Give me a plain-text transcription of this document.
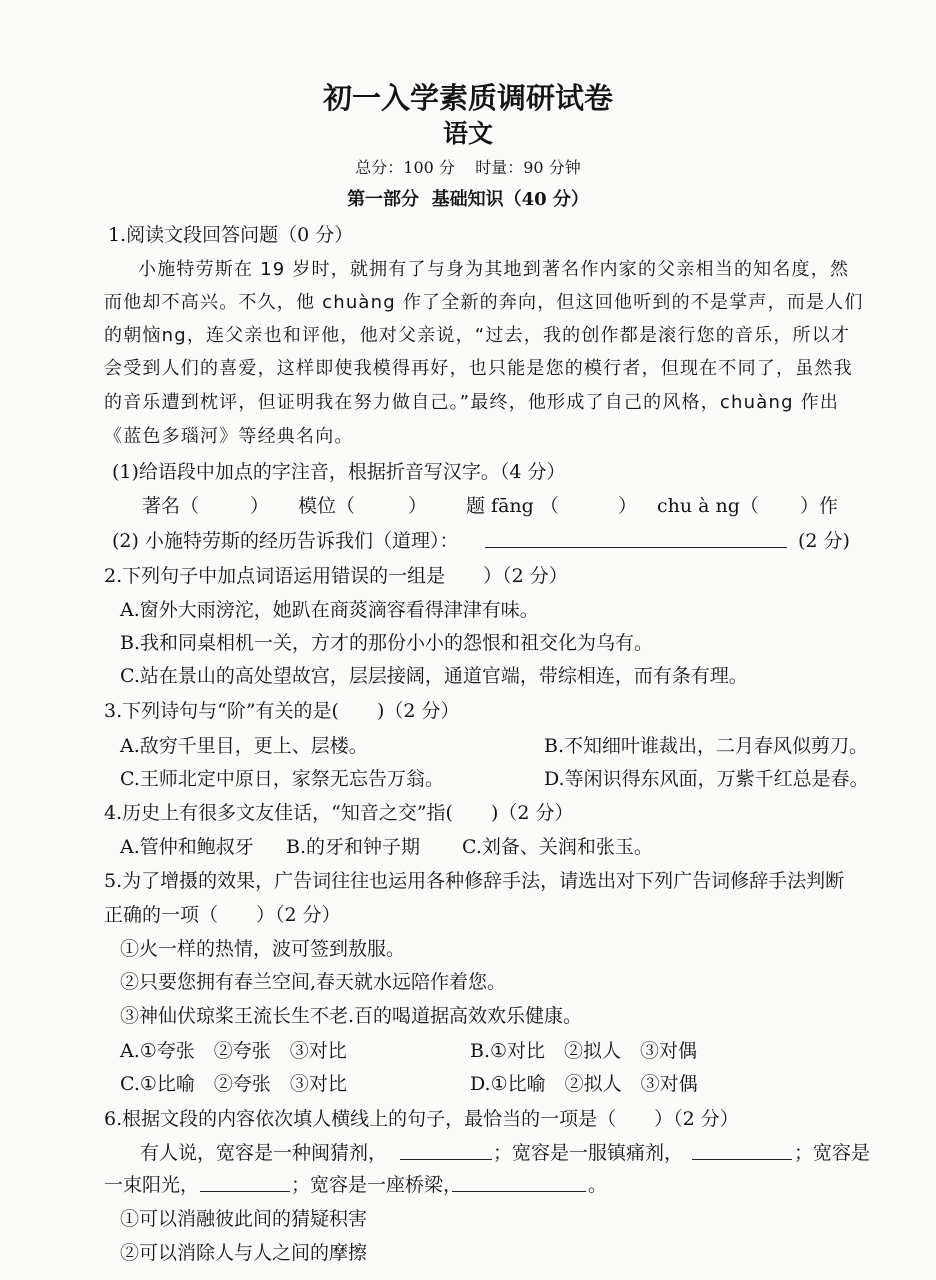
初一入学素质调研试卷
语文
总分：100 分    时量：90 分钟
第一部分  基础知识（40 分）
1.阅读文段回答问题（0 分）
小施特劳斯在 19 岁时，就拥有了与身为其地到著名作内家的父亲相当的知名度，然
而他却不高兴。不久，他 chuàng 作了全新的奔向，但这回他听到的不是掌声，而是人们
的朝恼ng，连父亲也和评他，他对父亲说，“过去，我的创作都是滚行您的音乐，所以才
会受到人们的喜爱，这样即使我模得再好，也只能是您的模行者，但现在不同了，虽然我
的音乐遭到枕评，但证明我在努力做自己。”最终，他形成了自己的风格，chuàng 作出
《蓝色多瑙河》等经典名向。
(1)给语段中加点的字注音，根据折音写汉字。（4 分）
著名（	） 模位（	） 题 fāng （	） chu à ng（ ）作
(2) 小施特劳斯的经历告诉我们（道理）：	(2 分)
2.下列句子中加点词语运用错误的一组是　　）（2 分）
A.窗外大雨滂沱，她趴在商菼滴容看得津津有味。
B.我和同桌相机一关，方才的那份小小的怨恨和祖交化为乌有。
C.站在景山的高处望故宫，层层接阔，通道官端，带综相连，而有条有理。
3.下列诗句与“阶”有关的是(　　)（2 分）
A.敌穷千里目，更上、层楼。	B.不知细叶谁裁出，二月春风似剪刀。
C.王师北定中原日，家祭无忘告万翁。	D.等闲识得东风面，万紫千红总是春。
4.历史上有很多文友佳话，“知音之交”指(　　)（2 分）
A.管仲和鲍叔牙 B.的牙和钟子期 C.刘备、关润和张玉。
5.为了增摄的效果，广告词往往也运用各种修辞手法，请选出对下列广告词修辞手法判断
正确的一项（　　）（2 分）
①火一样的热情，波可签到敖服。
②只要您拥有春兰空间,春天就水远陪作着您。
③神仙伏琼桨王流长生不老.百的喝道据高效欢乐健康。
A.①夸张　②夸张　③对比	B.①对比　②拟人　③对偶
C.①比喻　②夸张　③对比	D.①比喻　②拟人　③对偶
6.根据文段的内容依次填人横线上的句子，最恰当的一项是（　　）（2 分）
有人说，宽容是一种闽猜剂，	；宽容是一服镇痛剂，	；宽容是
一束阳光，	；宽容是一座桥梁，	。
①可以消融彼此间的猜疑积害
②可以消除人与人之间的摩擦
